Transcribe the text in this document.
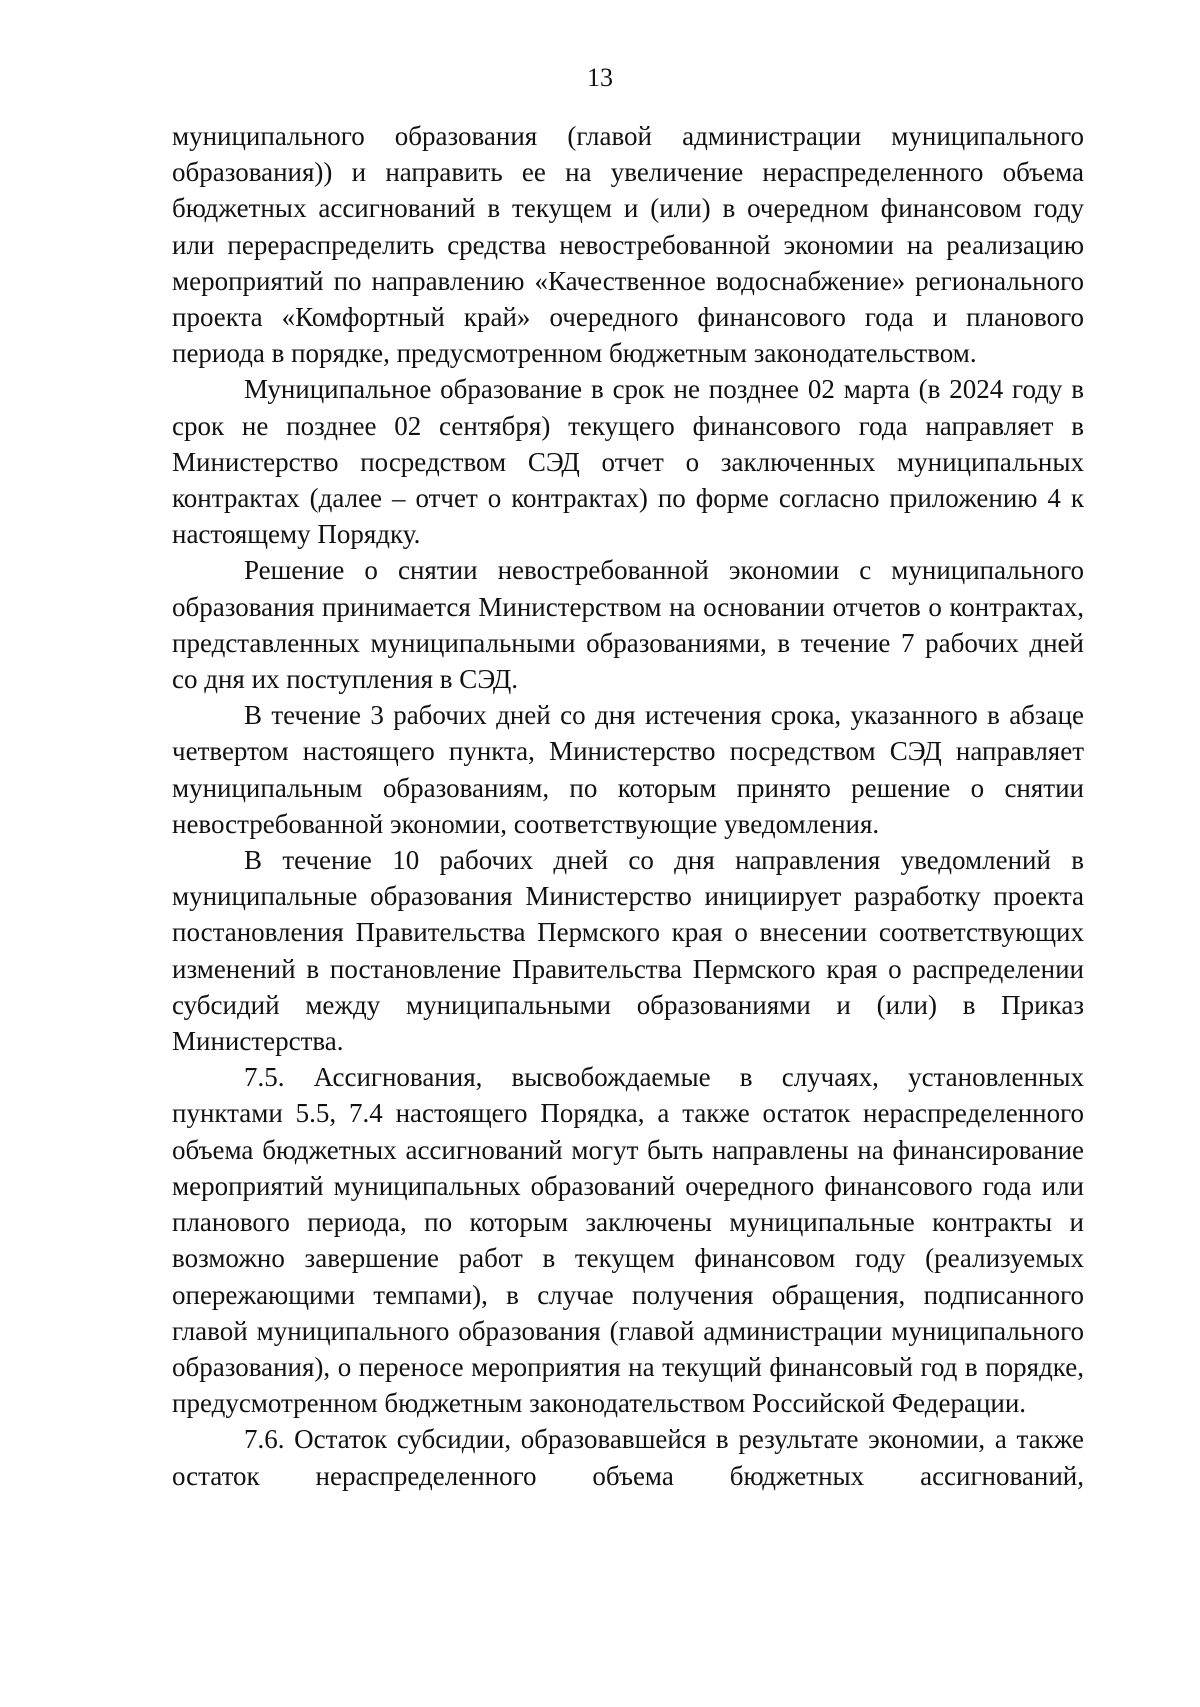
13

муниципального образования (главой администрации муниципального образования)) и направить ее на увеличение нераспределенного объема бюджетных ассигнований в текущем и (или) в очередном финансовом году или перераспределить средства невостребованной экономии на реализацию мероприятий по направлению «Качественное водоснабжение» регионального проекта «Комфортный край» очередного финансового года и планового периода в порядке, предусмотренном бюджетным законодательством.

Муниципальное образование в срок не позднее 02 марта (в 2024 году в срок не позднее 02 сентября) текущего финансового года направляет в Министерство посредством СЭД отчет о заключенных муниципальных контрактах (далее – отчет о контрактах) по форме согласно приложению 4 к настоящему Порядку.

Решение о снятии невостребованной экономии с муниципального образования принимается Министерством на основании отчетов о контрактах, представленных муниципальными образованиями, в течение 7 рабочих дней со дня их поступления в СЭД.

В течение 3 рабочих дней со дня истечения срока, указанного в абзаце четвертом настоящего пункта, Министерство посредством СЭД направляет муниципальным образованиям, по которым принято решение о снятии невостребованной экономии, соответствующие уведомления.

В течение 10 рабочих дней со дня направления уведомлений в муниципальные образования Министерство инициирует разработку проекта постановления Правительства Пермского края о внесении соответствующих изменений в постановление Правительства Пермского края о распределении субсидий между муниципальными образованиями и (или) в Приказ Министерства.

7.5. Ассигнования, высвобождаемые в случаях, установленных пунктами 5.5, 7.4 настоящего Порядка, а также остаток нераспределенного объема бюджетных ассигнований могут быть направлены на финансирование мероприятий муниципальных образований очередного финансового года или планового периода, по которым заключены муниципальные контракты и возможно завершение работ в текущем финансовом году (реализуемых опережающими темпами), в случае получения обращения, подписанного главой муниципального образования (главой администрации муниципального образования), о переносе мероприятия на текущий финансовый год в порядке, предусмотренном бюджетным законодательством Российской Федерации.

7.6. Остаток субсидии, образовавшейся в результате экономии, а также остаток нераспределенного объема бюджетных ассигнований,
